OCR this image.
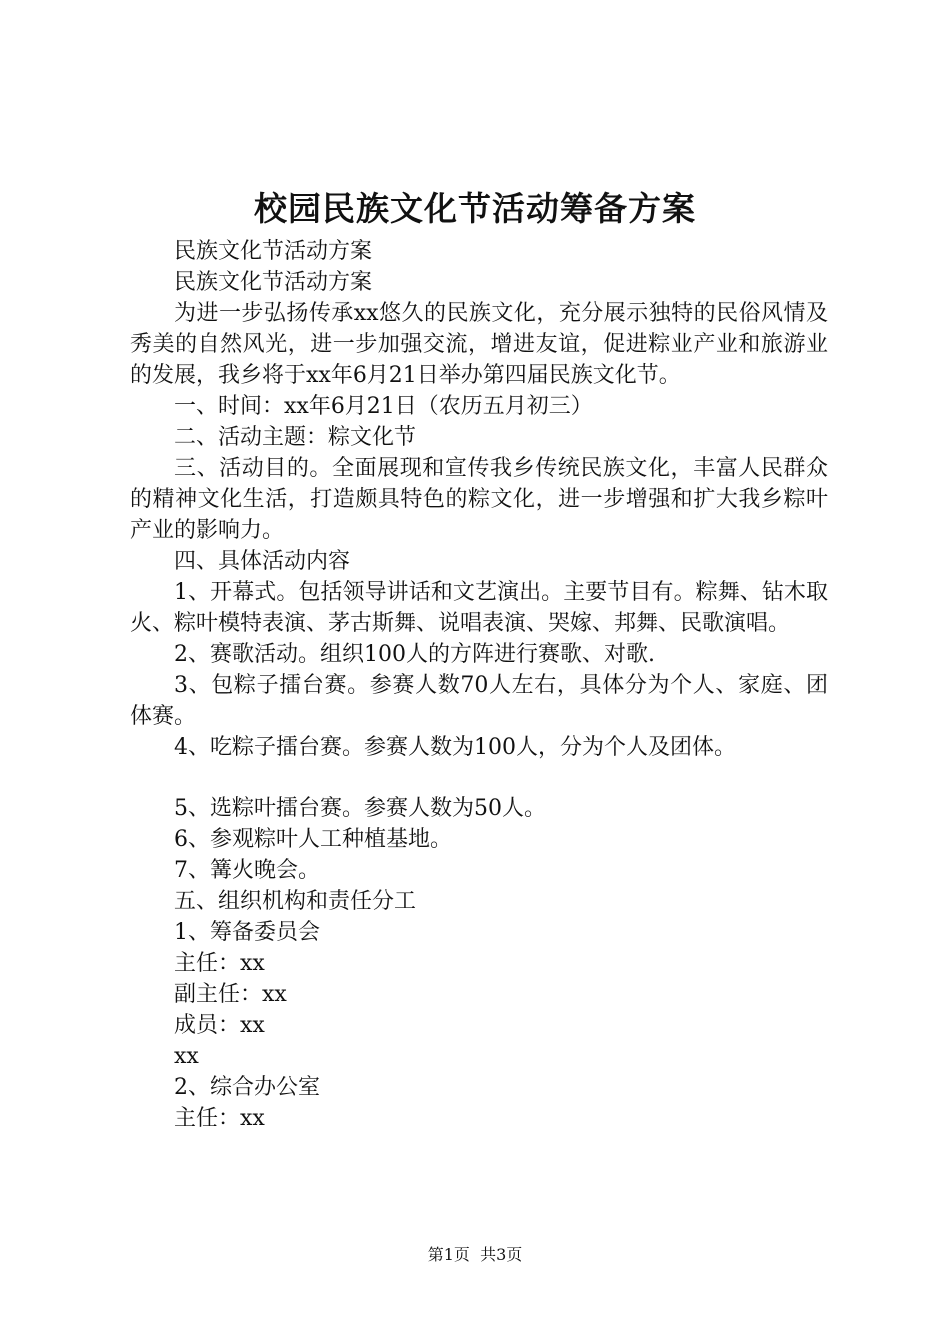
校园民族文化节活动筹备方案

民族文化节活动方案

民族文化节活动方案

为进一步弘扬传承xx悠久的民族文化，充分展示独特的民俗风情及秀美的自然风光，进一步加强交流，增进友谊，促进粽业产业和旅游业的发展，我乡将于xx年6月21日举办第四届民族文化节。

一、时间：xx年6月21日（农历五月初三）

二、活动主题：粽文化节

三、活动目的。全面展现和宣传我乡传统民族文化，丰富人民群众的精神文化生活，打造颇具特色的粽文化，进一步增强和扩大我乡粽叶产业的影响力。

四、具体活动内容

1、开幕式。包括领导讲话和文艺演出。主要节目有。粽舞、钻木取火、粽叶模特表演、茅古斯舞、说唱表演、哭嫁、邦舞、民歌演唱。

2、赛歌活动。组织100人的方阵进行赛歌、对歌.

3、包粽子擂台赛。参赛人数70人左右，具体分为个人、家庭、团体赛。

4、吃粽子擂台赛。参赛人数为100人，分为个人及团体。

5、选粽叶擂台赛。参赛人数为50人。

6、参观粽叶人工种植基地。

7、篝火晚会。

五、组织机构和责任分工

1、筹备委员会

主任：xx

副主任：xx

成员：xx

xx

2、综合办公室

主任：xx

第1页 共3页
